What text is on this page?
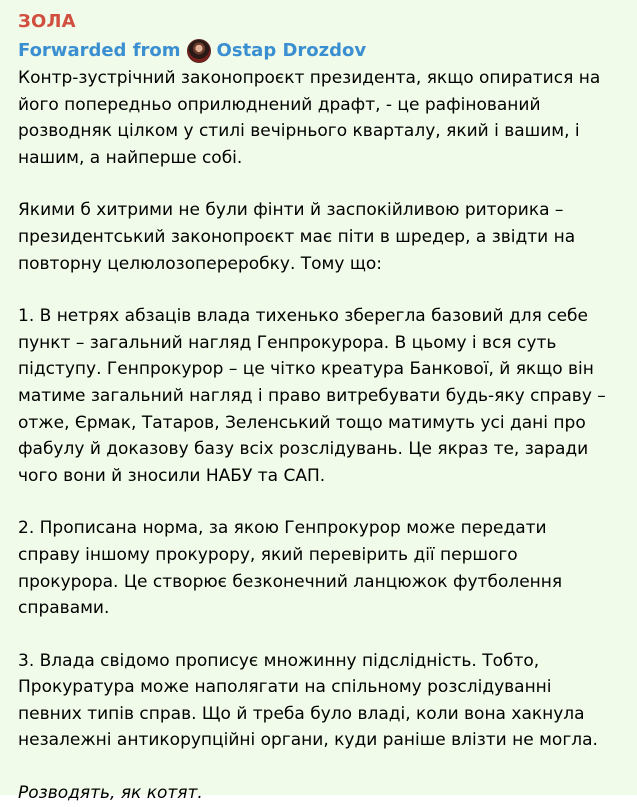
ЗОЛА
Forwarded from Ostap Drozdov
Контр-зустрічний законопроєкт президента, якщо опиратися на
його попередньо оприлюднений драфт, - це рафінований
розводняк цілком у стилі вечірнього кварталу, який і вашим, і
нашим, а найперше собі.
Якими б хитрими не були фінти й заспокійливою риторика –
президентський законопроєкт має піти в шредер, а звідти на
повторну целюлозопереробку. Тому що:
1. В нетрях абзаців влада тихенько зберегла базовий для себе
пункт – загальний нагляд Генпрокурора. В цьому і вся суть
підступу. Генпрокурор – це чітко креатура Банкової, й якщо він
матиме загальний нагляд і право витребувати будь-яку справу –
отже, Єрмак, Татаров, Зеленський тощо матимуть усі дані про
фабулу й доказову базу всіх розслідувань. Це якраз те, заради
чого вони й зносили НАБУ та САП.
2. Прописана норма, за якою Генпрокурор може передати
справу іншому прокурору, який перевірить дії першого
прокурора. Це створює безконечний ланцюжок футболення
справами.
3. Влада свідомо прописує множинну підслідність. Тобто,
Прокуратура може наполягати на спільному розслідуванні
певних типів справ. Що й треба було владі, коли вона хакнула
незалежні антикорупційні органи, куди раніше влізти не могла.
Розводять, як котят.
